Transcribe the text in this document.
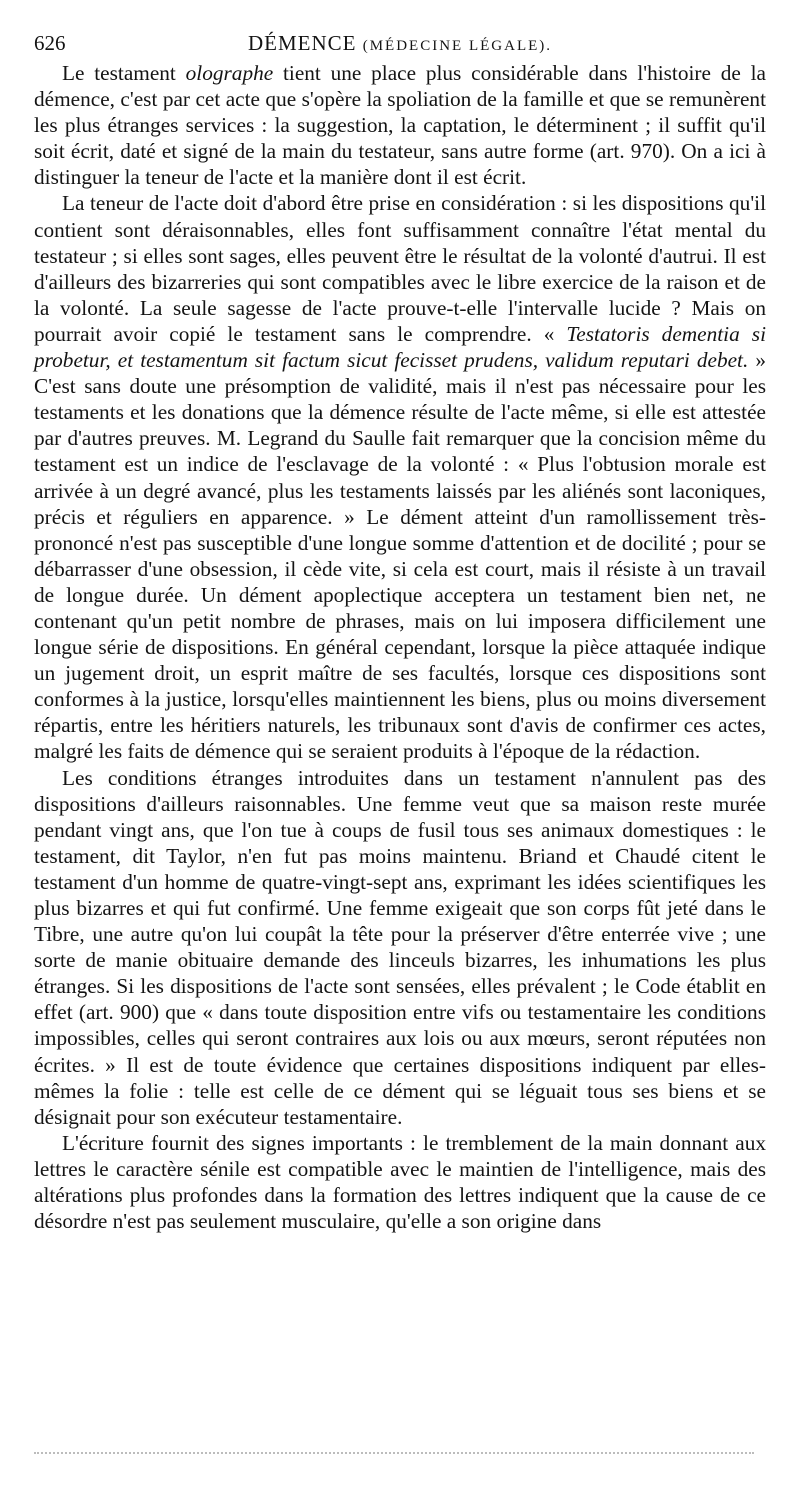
626	DÉMENCE (MÉDECINE LÉGALE).

Le testament olographe tient une place plus considérable dans l'histoire de la démence, c'est par cet acte que s'opère la spoliation de la famille et que se remunèrent les plus étranges services : la suggestion, la captation, le déterminent ; il suffit qu'il soit écrit, daté et signé de la main du testateur, sans autre forme (art. 970). On a ici à distinguer la teneur de l'acte et la manière dont il est écrit.

La teneur de l'acte doit d'abord être prise en considération : si les dispositions qu'il contient sont déraisonnables, elles font suffisamment connaître l'état mental du testateur ; si elles sont sages, elles peuvent être le résultat de la volonté d'autrui. Il est d'ailleurs des bizarreries qui sont compatibles avec le libre exercice de la raison et de la volonté. La seule sagesse de l'acte prouve-t-elle l'intervalle lucide ? Mais on pourrait avoir copié le testament sans le comprendre. « Testatoris dementia si probetur, et testamentum sit factum sicut fecisset prudens, validum reputari debet. » C'est sans doute une présomption de validité, mais il n'est pas nécessaire pour les testaments et les donations que la démence résulte de l'acte même, si elle est attestée par d'autres preuves. M. Legrand du Saulle fait remarquer que la concision même du testament est un indice de l'esclavage de la volonté : « Plus l'obtusion morale est arrivée à un degré avancé, plus les testaments laissés par les aliénés sont laconiques, précis et réguliers en apparence. » Le dément atteint d'un ramollissement très-prononcé n'est pas susceptible d'une longue somme d'attention et de docilité ; pour se débarrasser d'une obsession, il cède vite, si cela est court, mais il résiste à un travail de longue durée. Un dément apoplectique acceptera un testament bien net, ne contenant qu'un petit nombre de phrases, mais on lui imposera difficilement une longue série de dispositions. En général cependant, lorsque la pièce attaquée indique un jugement droit, un esprit maître de ses facultés, lorsque ces dispositions sont conformes à la justice, lorsqu'elles maintiennent les biens, plus ou moins diversement répartis, entre les héritiers naturels, les tribunaux sont d'avis de confirmer ces actes, malgré les faits de démence qui se seraient produits à l'époque de la rédaction.

Les conditions étranges introduites dans un testament n'annulent pas des dispositions d'ailleurs raisonnables. Une femme veut que sa maison reste murée pendant vingt ans, que l'on tue à coups de fusil tous ses animaux domestiques : le testament, dit Taylor, n'en fut pas moins maintenu. Briand et Chaudé citent le testament d'un homme de quatre-vingt-sept ans, exprimant les idées scientifiques les plus bizarres et qui fut confirmé. Une femme exigeait que son corps fût jeté dans le Tibre, une autre qu'on lui coupât la tête pour la préserver d'être enterrée vive ; une sorte de manie obituaire demande des linceuls bizarres, les inhumations les plus étranges. Si les dispositions de l'acte sont sensées, elles prévalent ; le Code établit en effet (art. 900) que « dans toute disposition entre vifs ou testamentaire les conditions impossibles, celles qui seront contraires aux lois ou aux mœurs, seront réputées non écrites. » Il est de toute évidence que certaines dispositions indiquent par elles-mêmes la folie : telle est celle de ce dément qui se léguait tous ses biens et se désignait pour son exécuteur testamentaire.

L'écriture fournit des signes importants : le tremblement de la main donnant aux lettres le caractère sénile est compatible avec le maintien de l'intelligence, mais des altérations plus profondes dans la formation des lettres indiquent que la cause de ce désordre n'est pas seulement musculaire, qu'elle a son origine dans
